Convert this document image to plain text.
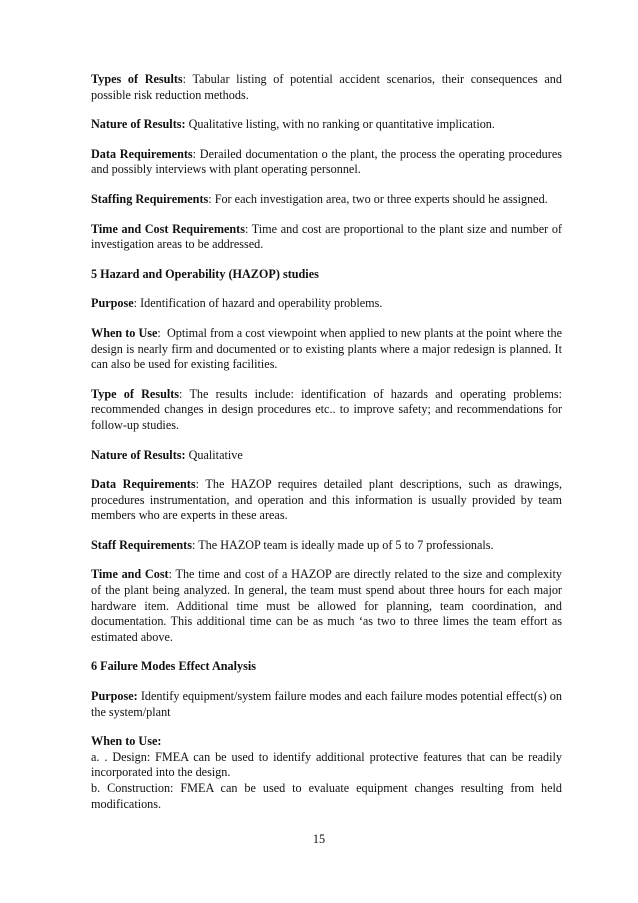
Types of Results: Tabular listing of potential accident scenarios, their consequences and possible risk reduction methods.

Nature of Results: Qualitative listing, with no ranking or quantitative implication.

Data Requirements: Derailed documentation o the plant, the process the operating procedures and possibly interviews with plant operating personnel.

Staffing Requirements: For each investigation area, two or three experts should he assigned.

Time and Cost Requirements: Time and cost are proportional to the plant size and number of investigation areas to be addressed.

5 Hazard and Operability (HAZOP) studies

Purpose: Identification of hazard and operability problems.

When to Use:  Optimal from a cost viewpoint when applied to new plants at the point where the design is nearly firm and documented or to existing plants where a major redesign is planned. It can also be used for existing facilities.

Type of Results: The results include: identification of hazards and operating problems: recommended changes in design procedures etc.. to improve safety; and recommendations for follow-up studies.

Nature of Results: Qualitative

Data Requirements: The HAZOP requires detailed plant descriptions, such as drawings, procedures instrumentation, and operation and this information is usually provided by team members who are experts in these areas.

Staff Requirements: The HAZOP team is ideally made up of 5 to 7 professionals.

Time and Cost: The time and cost of a HAZOP are directly related to the size and complexity of the plant being analyzed. In general, the team must spend about three hours for each major hardware item. Additional time must be allowed for planning, team coordination, and documentation. This additional time can be as much ‘as two to three limes the team effort as estimated above.

6 Failure Modes Effect Analysis

Purpose: Identify equipment/system failure modes and each failure modes potential effect(s) on the system/plant

When to Use:

a. . Design: FMEA can be used to identify additional protective features that can be readily incorporated into the design.

b. Construction: FMEA can be used to evaluate equipment changes resulting from held modifications.

15
